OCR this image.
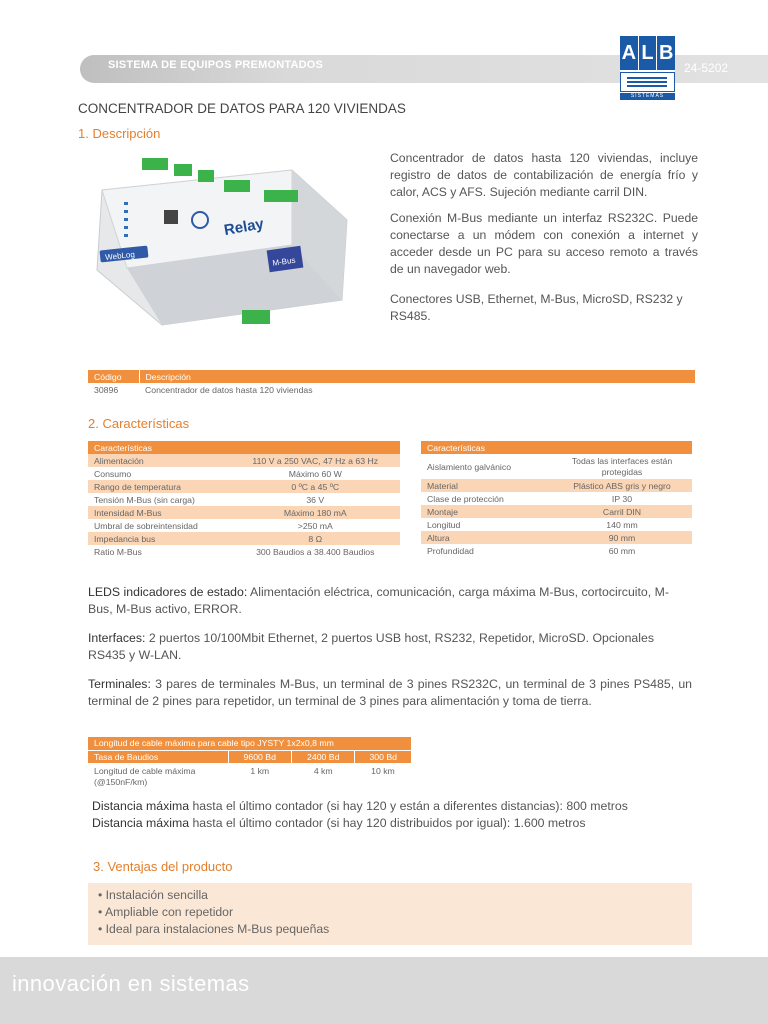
SISTEMA DE EQUIPOS PREMONTADOS	24-5202
A L B
SISTEMAS
CONCENTRADOR DE DATOS PARA 120 VIVIENDAS
1. Descripción
WebLog
Relay
M-Bus
Concentrador de datos hasta 120 viviendas, incluye registro de datos de contabilización de energía frío y calor, ACS y AFS. Sujeción mediante carril DIN.
Conexión M-Bus mediante un interfaz RS232C. Puede conectarse a un módem con conexión a internet y acceder desde un PC para su acceso remoto a través de un navegador web.
Conectores USB, Ethernet, M-Bus, MicroSD, RS232 y RS485.
Código	Descripción
30896	Concentrador de datos hasta 120 viviendas
2. Características
Características	
Alimentación	110 V a 250 VAC, 47 Hz a 63 Hz
Consumo	Máximo 60 W
Rango de temperatura	0 ºC a 45 ºC
Tensión M-Bus (sin carga)	36 V
Intensidad M-Bus	Máximo 180 mA
Umbral de sobreintensidad	>250 mA
Impedancia bus	8 Ω
Ratio M-Bus	300 Baudios a 38.400 Baudios
Características	
Aislamiento galvánico	Todas las interfaces están protegidas
Material	Plástico ABS gris y negro
Clase de protección	IP 30
Montaje	Carril DIN
Longitud	140 mm
Altura	90 mm
Profundidad	60 mm
LEDS indicadores de estado: Alimentación eléctrica, comunicación, carga máxima M-Bus, cortocircuito, M-Bus, M-Bus activo, ERROR.
Interfaces: 2 puertos 10/100Mbit Ethernet, 2 puertos USB host, RS232, Repetidor, MicroSD. Opcionales RS435 y W-LAN.
Terminales: 3 pares de terminales M-Bus, un terminal de 3 pines RS232C, un terminal de 3 pines PS485, un terminal de 2 pines para repetidor, un terminal de 3 pines para alimentación y toma de tierra.
Longitud de cable máxima para cable tipo JYSTY 1x2x0,8 mm			
Tasa de Baudios	9600 Bd	2400 Bd	300 Bd
Longitud de cable máxima (@150nF/km)	1 km	4 km	10 km
Distancia máxima hasta el último contador (si hay 120 y están a diferentes distancias): 800 metros
Distancia máxima hasta el último contador (si hay 120 distribuidos por igual): 1.600 metros
3. Ventajas del producto
• Instalación sencilla
• Ampliable con repetidor
• Ideal para instalaciones M-Bus pequeñas
innovación en sistemas
